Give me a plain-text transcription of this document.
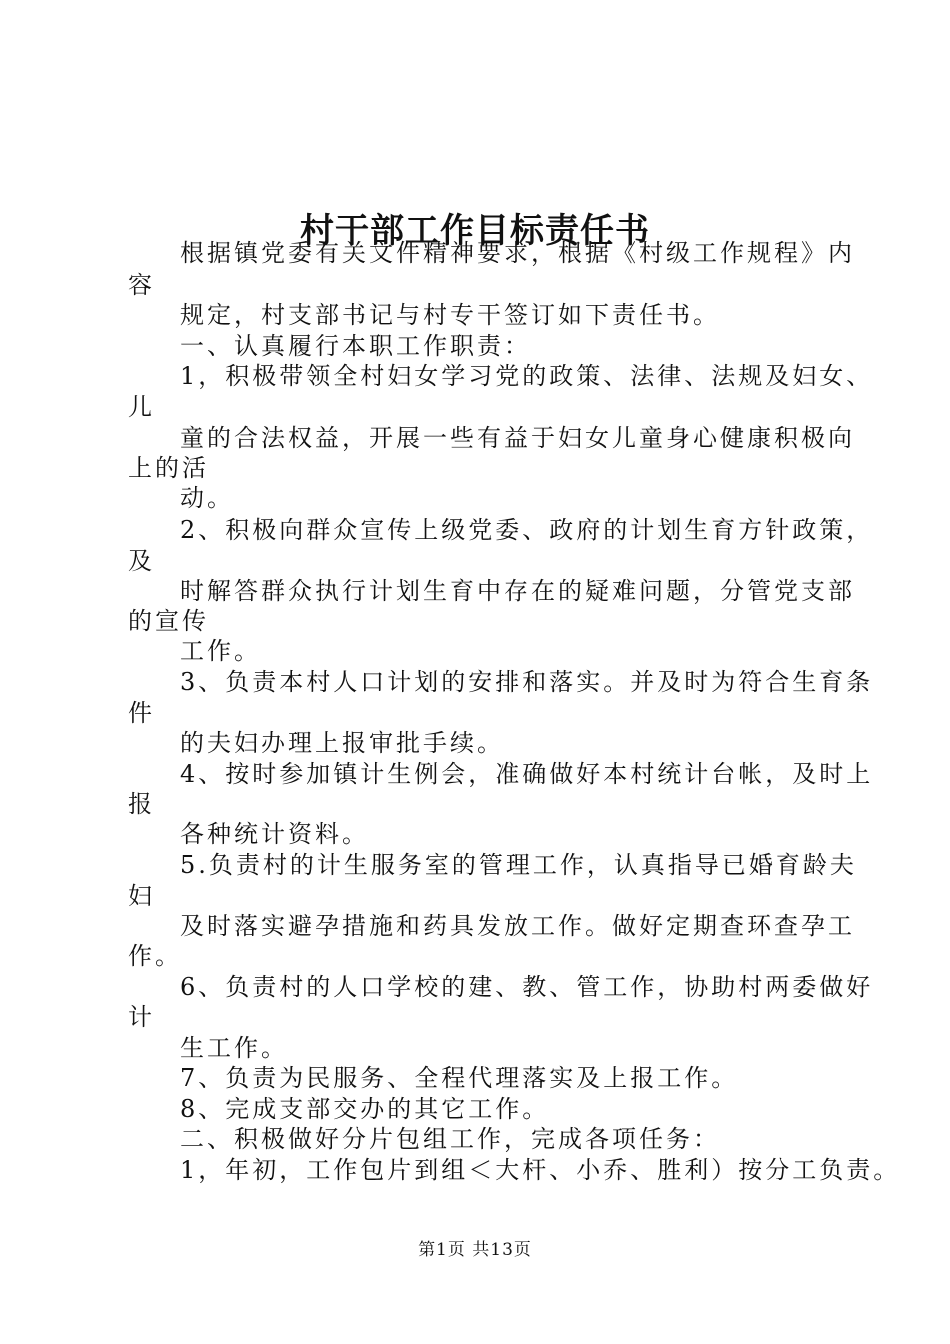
村干部工作目标责任书
根据镇党委有关文件精神要求，根据《村级工作规程》内
容
规定，村支部书记与村专干签订如下责任书。
一、认真履行本职工作职责：
1，积极带领全村妇女学习党的政策、法律、法规及妇女、
儿
童的合法权益，开展一些有益于妇女儿童身心健康积极向
上的活
动。
2、积极向群众宣传上级党委、政府的计划生育方针政策，
及
时解答群众执行计划生育中存在的疑难问题，分管党支部
的宣传
工作。
3、负责本村人口计划的安排和落实。并及时为符合生育条
件
的夫妇办理上报审批手续。
4、按时参加镇计生例会，准确做好本村统计台帐，及时上
报
各种统计资料。
5.负责村的计生服务室的管理工作，认真指导已婚育龄夫
妇
及时落实避孕措施和药具发放工作。做好定期查环查孕工
作。
6、负责村的人口学校的建、教、管工作，协助村两委做好
计
生工作。
7、负责为民服务、全程代理落实及上报工作。
8、完成支部交办的其它工作。
二、积极做好分片包组工作，完成各项任务：
1，年初，工作包片到组＜大杆、小乔、胜利）按分工负责。
第1页 共13页
